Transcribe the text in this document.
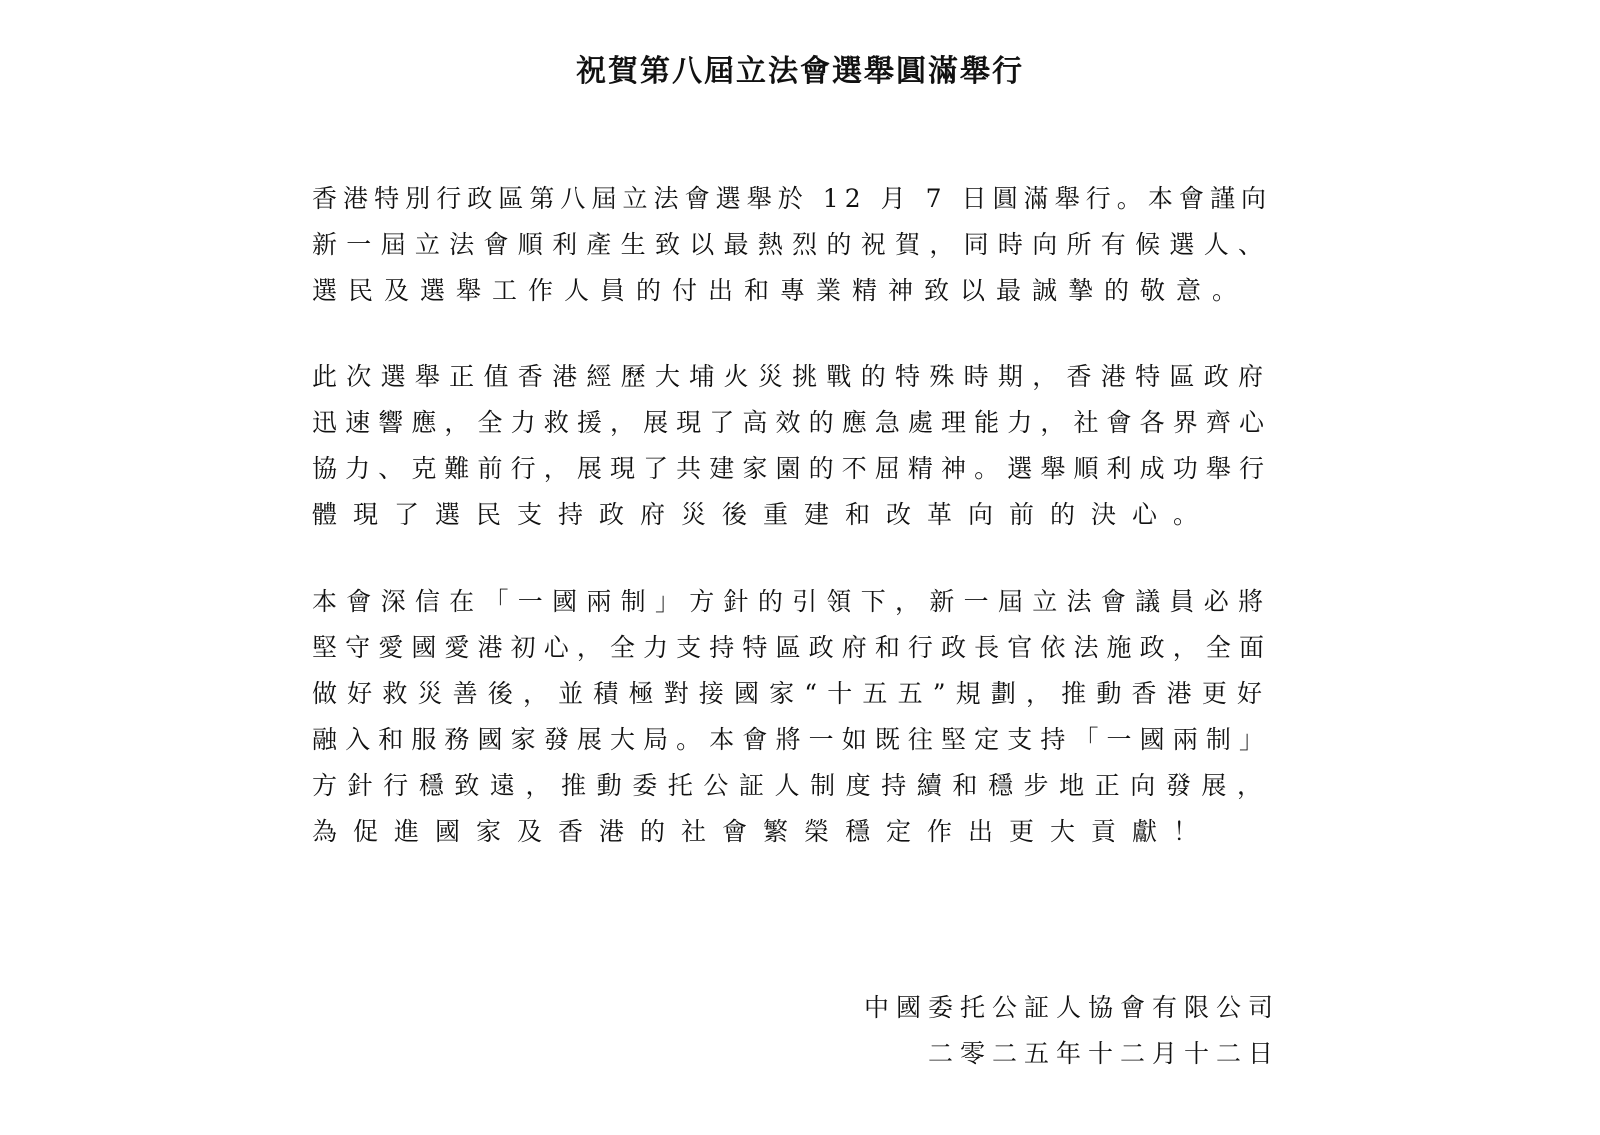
祝賀第八屆立法會選舉圓滿舉行
香港特別行政區第八屆立法會選舉於 12 月 7 日圓滿舉行。本會謹向
新一屆立法會順利產生致以最熱烈的祝賀，同時向所有候選人、
選民及選舉工作人員的付出和專業精神致以最誠摯的敬意。
此次選舉正值香港經歷大埔火災挑戰的特殊時期，香港特區政府
迅速響應，全力救援，展現了高效的應急處理能力，社會各界齊心
協力、克難前行，展現了共建家園的不屈精神。選舉順利成功舉行
體現了選民支持政府災後重建和改革向前的決心。
本會深信在「一國兩制」方針的引領下，新一屆立法會議員必將
堅守愛國愛港初心，全力支持特區政府和行政長官依法施政，全面
做好救災善後，並積極對接國家“十五五”規劃，推動香港更好
融入和服務國家發展大局。本會將一如既往堅定支持「一國兩制」
方針行穩致遠，推動委托公証人制度持續和穩步地正向發展，
為促進國家及香港的社會繁榮穩定作出更大貢獻！
中國委托公証人協會有限公司
二零二五年十二月十二日
